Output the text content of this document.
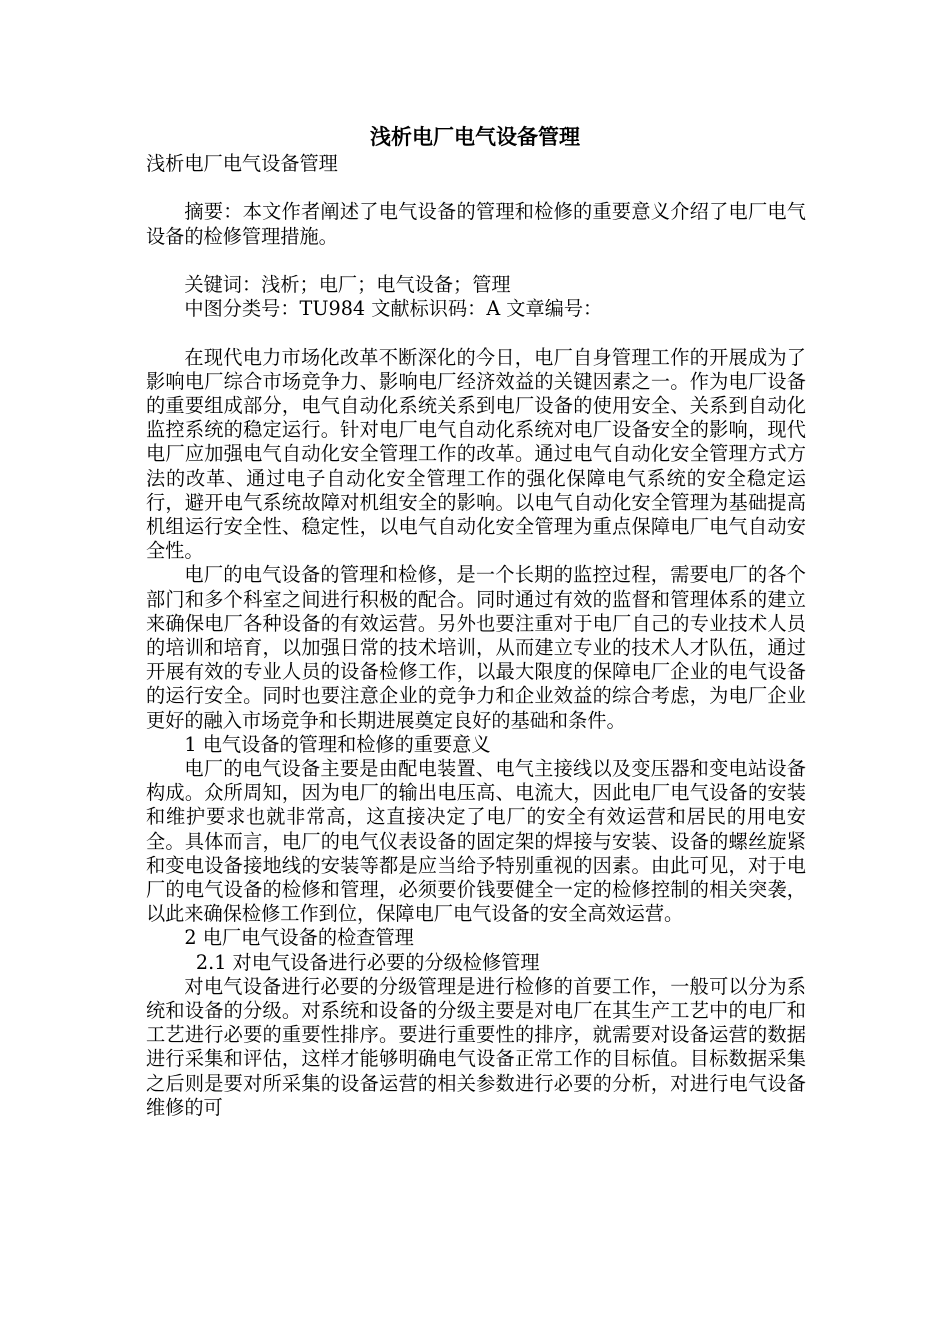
浅析电厂电气设备管理

浅析电厂电气设备管理

摘要：本文作者阐述了电气设备的管理和检修的重要意义介绍了电厂电气设备的检修管理措施。

关键词：浅析；电厂；电气设备；管理

中图分类号：TU984 文献标识码：A 文章编号：

在现代电力市场化改革不断深化的今日，电厂自身管理工作的开展成为了影响电厂综合市场竞争力、影响电厂经济效益的关键因素之一。作为电厂设备的重要组成部分，电气自动化系统关系到电厂设备的使用安全、关系到自动化监控系统的稳定运行。针对电厂电气自动化系统对电厂设备安全的影响，现代电厂应加强电气自动化安全管理工作的改革。通过电气自动化安全管理方式方法的改革、通过电子自动化安全管理工作的强化保障电气系统的安全稳定运行，避开电气系统故障对机组安全的影响。以电气自动化安全管理为基础提高机组运行安全性、稳定性，以电气自动化安全管理为重点保障电厂电气自动安全性。

电厂的电气设备的管理和检修，是一个长期的监控过程，需要电厂的各个部门和多个科室之间进行积极的配合。同时通过有效的监督和管理体系的建立来确保电厂各种设备的有效运营。另外也要注重对于电厂自己的专业技术人员的培训和培育，以加强日常的技术培训，从而建立专业的技术人才队伍，通过开展有效的专业人员的设备检修工作，以最大限度的保障电厂企业的电气设备的运行安全。同时也要注意企业的竞争力和企业效益的综合考虑，为电厂企业更好的融入市场竞争和长期进展奠定良好的基础和条件。

1 电气设备的管理和检修的重要意义

电厂的电气设备主要是由配电装置、电气主接线以及变压器和变电站设备构成。众所周知，因为电厂的输出电压高、电流大，因此电厂电气设备的安装和维护要求也就非常高，这直接决定了电厂的安全有效运营和居民的用电安全。具体而言，电厂的电气仪表设备的固定架的焊接与安装、设备的螺丝旋紧和变电设备接地线的安装等都是应当给予特别重视的因素。由此可见，对于电厂的电气设备的检修和管理，必须要价钱要健全一定的检修控制的相关突袭，以此来确保检修工作到位，保障电厂电气设备的安全高效运营。

2 电厂电气设备的检查管理

2.1 对电气设备进行必要的分级检修管理

对电气设备进行必要的分级管理是进行检修的首要工作，一般可以分为系统和设备的分级。对系统和设备的分级主要是对电厂在其生产工艺中的电厂和工艺进行必要的重要性排序。要进行重要性的排序，就需要对设备运营的数据进行采集和评估，这样才能够明确电气设备正常工作的目标值。目标数据采集之后则是要对所采集的设备运营的相关参数进行必要的分析，对进行电气设备维修的可
